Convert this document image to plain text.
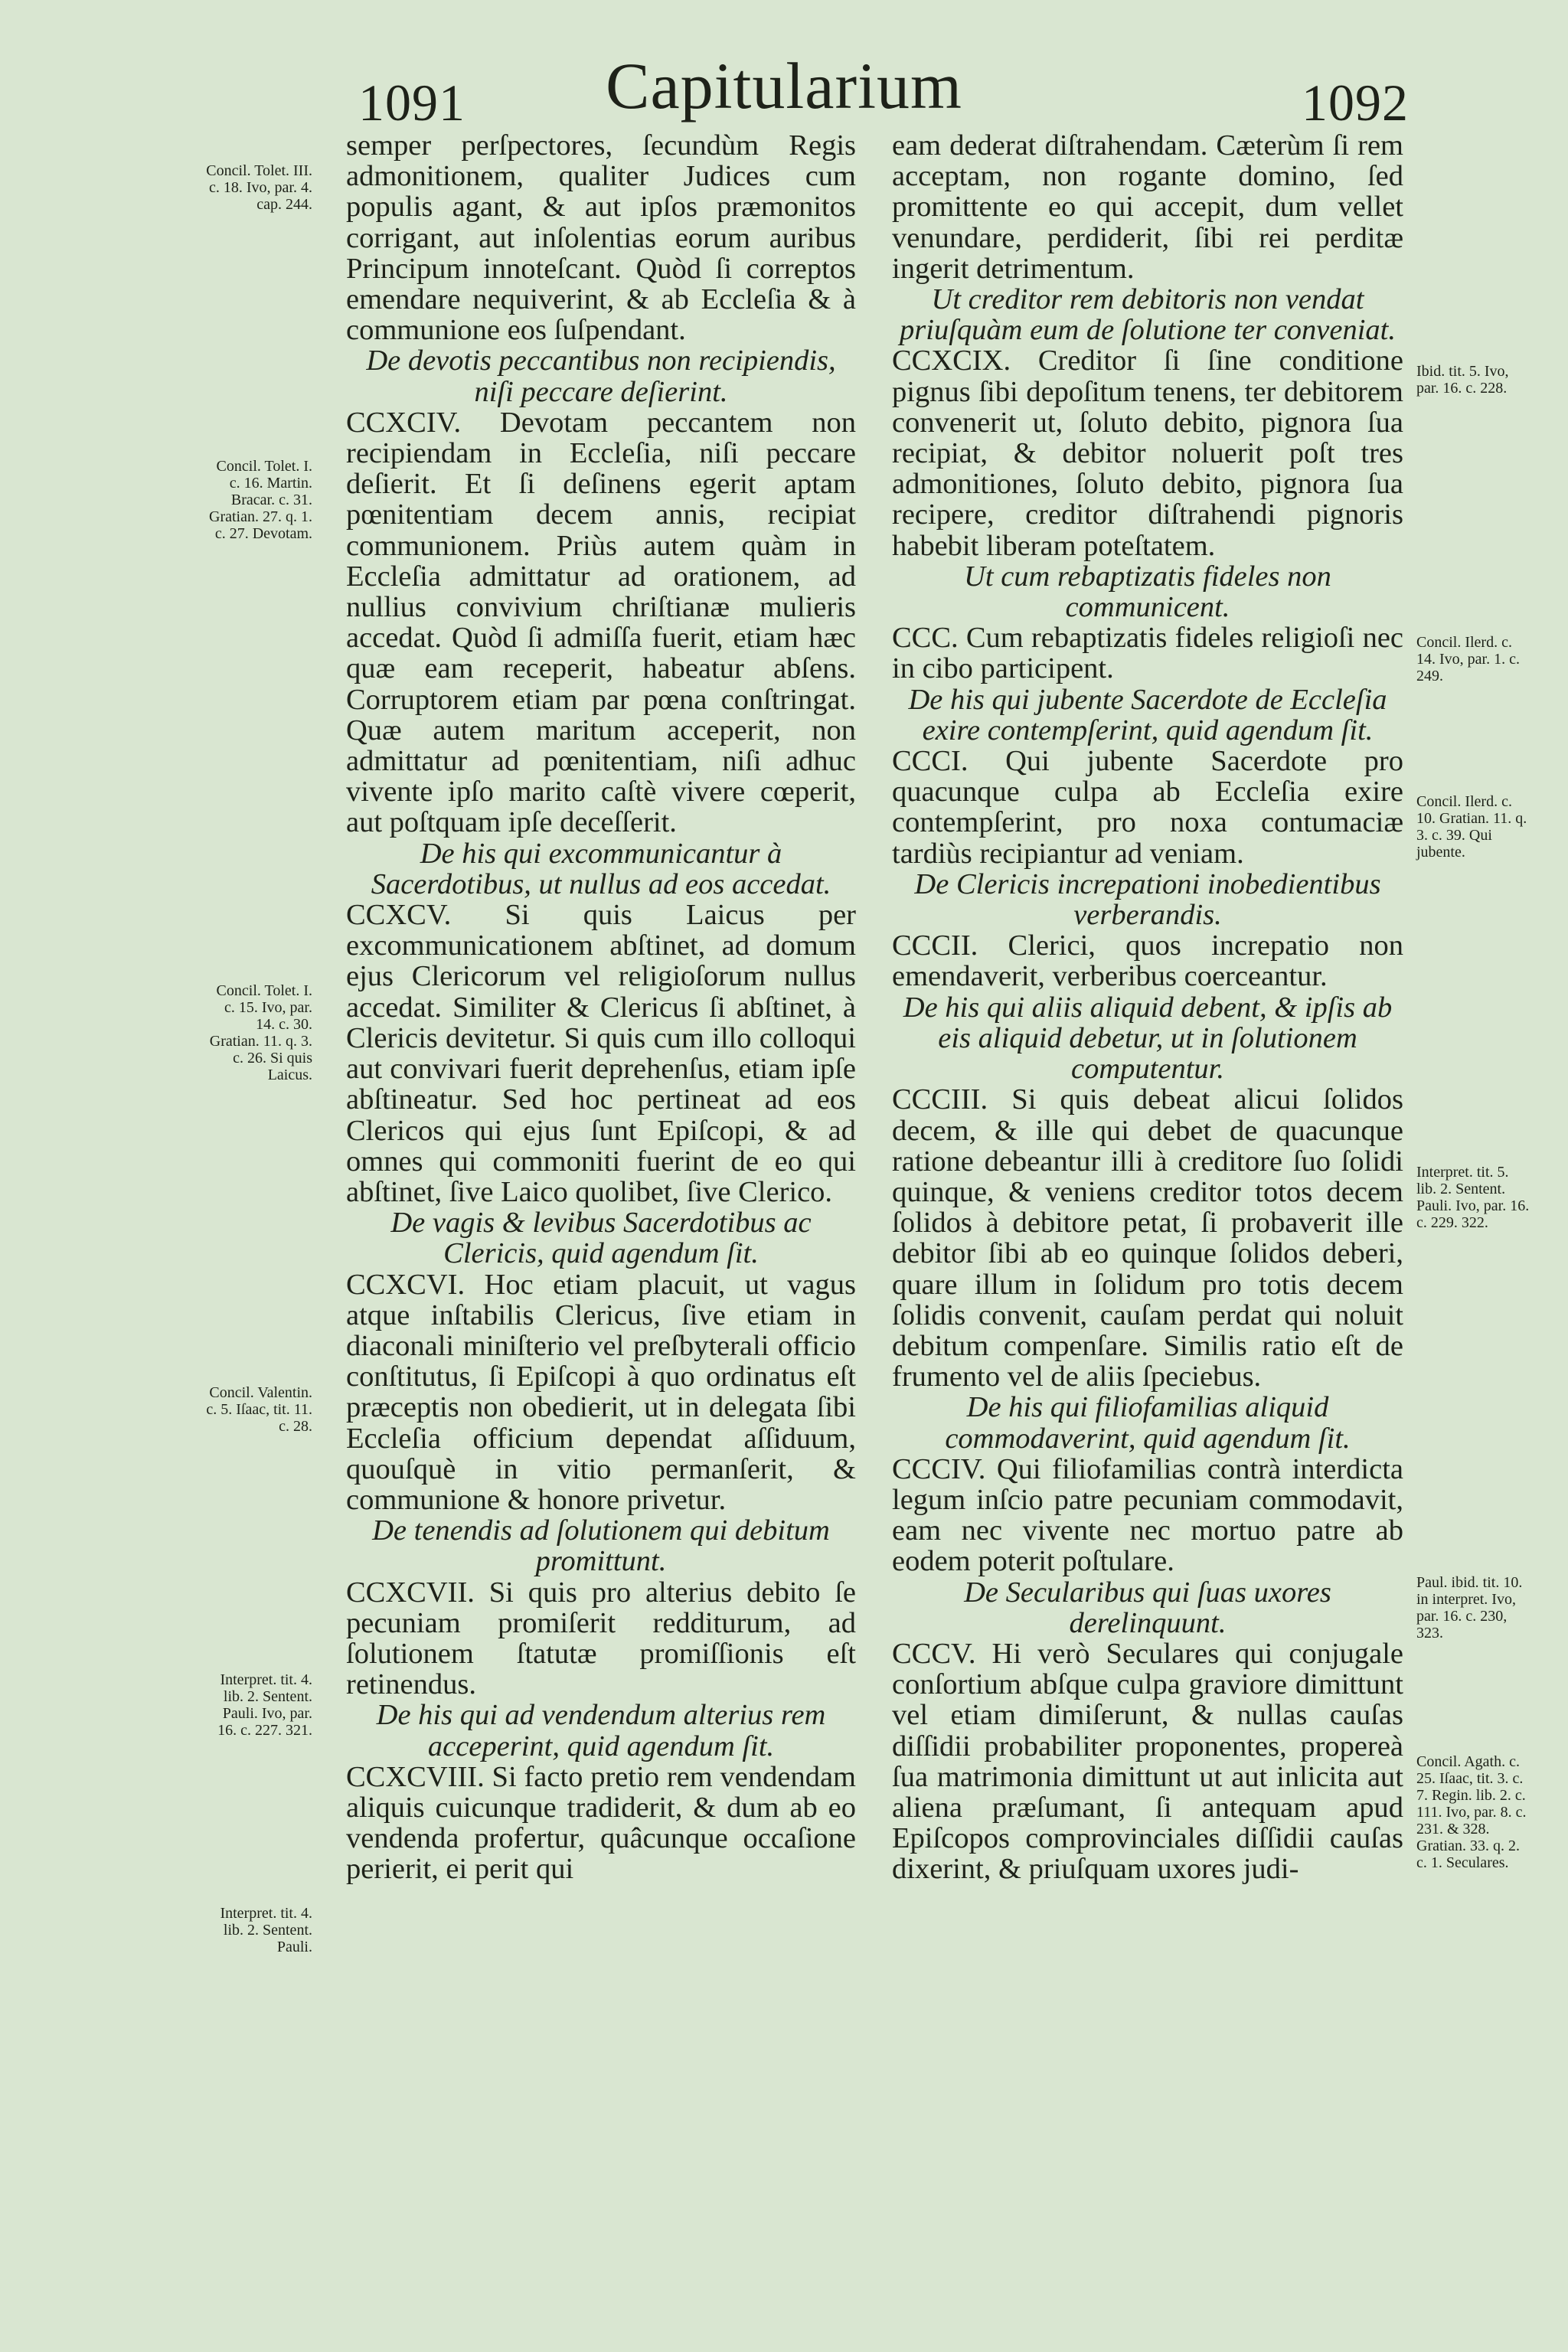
1091	Capitularium	1092

semper perſpectores, ſecundùm Regis admonitionem, qualiter Judices cum populis agant, & aut ipſos præmonitos corrigant, aut inſolentias eorum auribus Principum innoteſcant. Quòd ſi correptos emendare nequiverint, & ab Eccleſia & à communione eos ſuſpendant.

De devotis peccantibus non recipiendis, niſi peccare deſierint.

CCXCIV. Devotam peccantem non recipiendam in Eccleſia, niſi peccare deſierit. Et ſi deſinens egerit aptam pœnitentiam decem annis, recipiat communionem. Priùs autem quàm in Eccleſia admittatur ad orationem, ad nullius convivium chriſtianæ mulieris accedat. Quòd ſi admiſſa fuerit, etiam hæc quæ eam receperit, habeatur abſens. Corruptorem etiam par pœna conſtringat. Quæ autem maritum acceperit, non admittatur ad pœnitentiam, niſi adhuc vivente ipſo marito caſtè vivere cœperit, aut poſtquam ipſe deceſſerit.

De his qui excommunicantur à Sacerdotibus, ut nullus ad eos accedat.

CCXCV. Si quis Laicus per excommunicationem abſtinet, ad domum ejus Clericorum vel religioſorum nullus accedat. Similiter & Clericus ſi abſtinet, à Clericis devitetur. Si quis cum illo colloqui aut convivari fuerit deprehenſus, etiam ipſe abſtineatur. Sed hoc pertineat ad eos Clericos qui ejus ſunt Epiſcopi, & ad omnes qui commoniti fuerint de eo qui abſtinet, ſive Laico quolibet, ſive Clerico.

De vagis & levibus Sacerdotibus ac Clericis, quid agendum ſit.

CCXCVI. Hoc etiam placuit, ut vagus atque inſtabilis Clericus, ſive etiam in diaconali miniſterio vel preſbyterali officio conſtitutus, ſi Epiſcopi à quo ordinatus eſt præceptis non obedierit, ut in delegata ſibi Eccleſia officium dependat aſſiduum, quouſquè in vitio permanſerit, & communione & honore privetur.

De tenendis ad ſolutionem qui debitum promittunt.

CCXCVII. Si quis pro alterius debito ſe pecuniam promiſerit redditurum, ad ſolutionem ſtatutæ promiſſionis eſt retinendus.

De his qui ad vendendum alterius rem acceperint, quid agendum ſit.

CCXCVIII. Si facto pretio rem vendendam aliquis cuicunque tradiderit, & dum ab eo vendenda profertur, quâcunque occaſione perierit, ei perit qui

eam dederat diſtrahendam. Cæterùm ſi rem acceptam, non rogante domino, ſed promittente eo qui accepit, dum vellet venundare, perdiderit, ſibi rei perditæ ingerit detrimentum.

Ut creditor rem debitoris non vendat priuſquàm eum de ſolutione ter conveniat.

CCXCIX. Creditor ſi ſine conditione pignus ſibi depoſitum tenens, ter debitorem convenerit ut, ſoluto debito, pignora ſua recipiat, & debitor noluerit poſt tres admonitiones, ſoluto debito, pignora ſua recipere, creditor diſtrahendi pignoris habebit liberam poteſtatem.

Ut cum rebaptizatis fideles non communicent.

CCC. Cum rebaptizatis fideles religioſi nec in cibo participent.

De his qui jubente Sacerdote de Eccleſia exire contempſerint, quid agendum ſit.

CCCI. Qui jubente Sacerdote pro quacunque culpa ab Eccleſia exire contempſerint, pro noxa contumaciæ tardiùs recipiantur ad veniam.

De Clericis increpationi inobedientibus verberandis.

CCCII. Clerici, quos increpatio non emendaverit, verberibus coerceantur.

De his qui aliis aliquid debent, & ipſis ab eis aliquid debetur, ut in ſolutionem computentur.

CCCIII. Si quis debeat alicui ſolidos decem, & ille qui debet de quacunque ratione debeantur illi à creditore ſuo ſolidi quinque, & veniens creditor totos decem ſolidos à debitore petat, ſi probaverit ille debitor ſibi ab eo quinque ſolidos deberi, quare illum in ſolidum pro totis decem ſolidis convenit, cauſam perdat qui noluit debitum compenſare. Similis ratio eſt de frumento vel de aliis ſpeciebus.

De his qui filiofamilias aliquid commodaverint, quid agendum ſit.

CCCIV. Qui filiofamilias contrà interdicta legum inſcio patre pecuniam commodavit, eam nec vivente nec mortuo patre ab eodem poterit poſtulare.

De Secularibus qui ſuas uxores derelinquunt.

CCCV. Hi verò Seculares qui conjugale conſortium abſque culpa graviore dimittunt vel etiam dimiſerunt, & nullas cauſas diſſidii probabiliter proponentes, propereà ſua matrimonia dimittunt ut aut inlicita aut aliena præſumant, ſi antequam apud Epiſcopos comprovinciales diſſidii cauſas dixerint, & priuſquam uxores judi-

Concil. Tolet. III. c. 18. Ivo, par. 4. cap. 244.
Concil. Tolet. I. c. 16. Martin. Bracar. c. 31. Gratian. 27. q. 1. c. 27. Devotam.
Concil. Tolet. I. c. 15. Ivo, par. 14. c. 30. Gratian. 11. q. 3. c. 26. Si quis Laicus.
Concil. Valentin. c. 5. Iſaac, tit. 11. c. 28.
Interpret. tit. 4. lib. 2. Sentent. Pauli. Ivo, par. 16. c. 227. 321.
Interpret. tit. 4. lib. 2. Sentent. Pauli.
Ibid. tit. 5. Ivo, par. 16. c. 228.
Concil. Ilerd. c. 14. Ivo, par. 1. c. 249.
Concil. Ilerd. c. 10. Gratian. 11. q. 3. c. 39. Qui jubente.
Interpret. tit. 5. lib. 2. Sentent. Pauli. Ivo, par. 16. c. 229. 322.
Paul. ibid. tit. 10. in interpret. Ivo, par. 16. c. 230, 323.
Concil. Agath. c. 25. Iſaac, tit. 3. c. 7. Regin. lib. 2. c. 111. Ivo, par. 8. c. 231. & 328. Gratian. 33. q. 2. c. 1. Seculares.
